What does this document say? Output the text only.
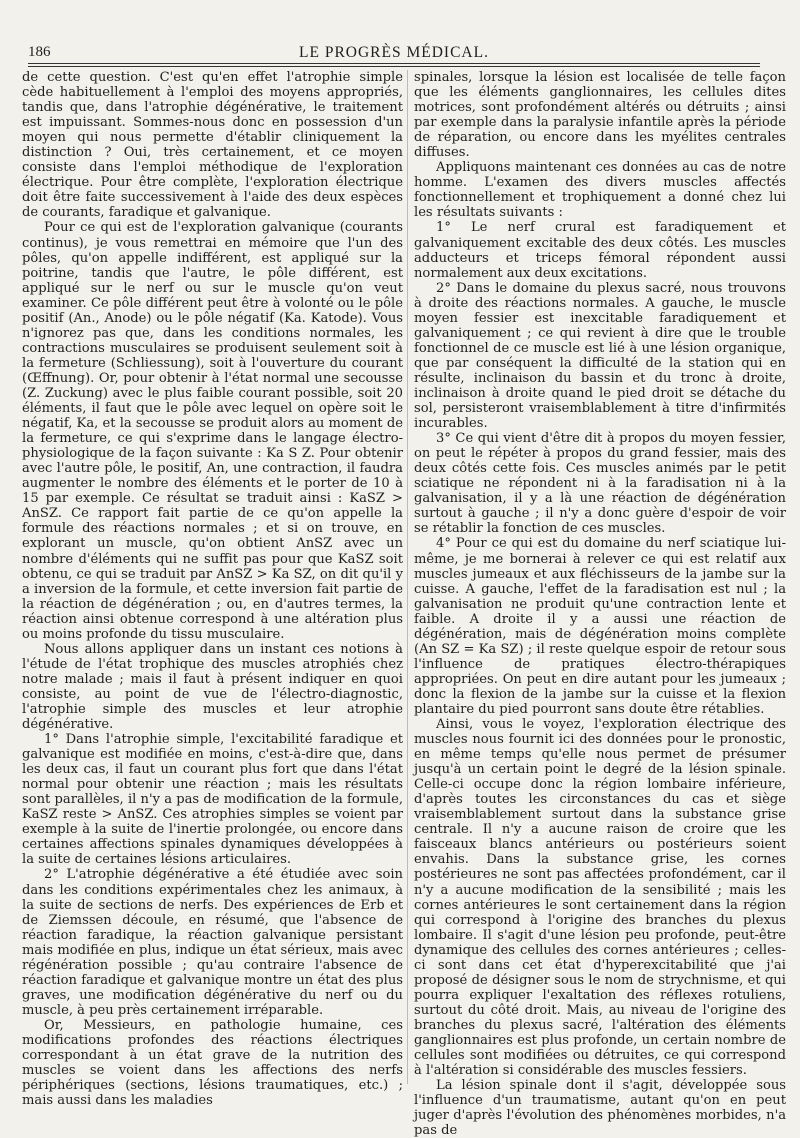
186	LE PROGRÈS MÉDICAL.

de cette question. C'est qu'en effet l'atrophie simple cède habituellement à l'emploi des moyens appropriés, tandis que, dans l'atrophie dégénérative, le traitement est impuissant. Sommes-nous donc en possession d'un moyen qui nous permette d'établir cliniquement la distinction ? Oui, très certainement, et ce moyen consiste dans l'emploi méthodique de l'exploration électrique. Pour être complète, l'exploration électrique doit être faite successivement à l'aide des deux espèces de courants, faradique et galvanique.

Pour ce qui est de l'exploration galvanique (courants continus), je vous remettrai en mémoire que l'un des pôles, qu'on appelle indifférent, est appliqué sur la poitrine, tandis que l'autre, le pôle différent, est appliqué sur le nerf ou sur le muscle qu'on veut examiner. Ce pôle différent peut être à volonté ou le pôle positif (An., Anode) ou le pôle négatif (Ka. Katode). Vous n'ignorez pas que, dans les conditions normales, les contractions musculaires se produisent seulement soit à la fermeture (Schliessung), soit à l'ouverture du courant (Œffnung). Or, pour obtenir à l'état normal une secousse (Z. Zuckung) avec le plus faible courant possible, soit 20 éléments, il faut que le pôle avec lequel on opère soit le négatif, Ka, et la secousse se produit alors au moment de la fermeture, ce qui s'exprime dans le langage électro-physiologique de la façon suivante : Ka S Z. Pour obtenir avec l'autre pôle, le positif, An, une contraction, il faudra augmenter le nombre des éléments et le porter de 10 à 15 par exemple. Ce résultat se traduit ainsi : KaSZ > AnSZ. Ce rapport fait partie de ce qu'on appelle la formule des réactions normales ; et si on trouve, en explorant un muscle, qu'on obtient AnSZ avec un nombre d'éléments qui ne suffit pas pour que KaSZ soit obtenu, ce qui se traduit par AnSZ > Ka SZ, on dit qu'il y a inversion de la formule, et cette inversion fait partie de la réaction de dégénération ; ou, en d'autres termes, la réaction ainsi obtenue correspond à une altération plus ou moins profonde du tissu musculaire.

Nous allons appliquer dans un instant ces notions à l'étude de l'état trophique des muscles atrophiés chez notre malade ; mais il faut à présent indiquer en quoi consiste, au point de vue de l'électro-diagnostic, l'atrophie simple des muscles et leur atrophie dégénérative.

1° Dans l'atrophie simple, l'excitabilité faradique et galvanique est modifiée en moins, c'est-à-dire que, dans les deux cas, il faut un courant plus fort que dans l'état normal pour obtenir une réaction ; mais les résultats sont parallèles, il n'y a pas de modification de la formule, KaSZ reste > AnSZ. Ces atrophies simples se voient par exemple à la suite de l'inertie prolongée, ou encore dans certaines affections spinales dynamiques développées à la suite de certaines lésions articulaires.

2° L'atrophie dégénérative a été étudiée avec soin dans les conditions expérimentales chez les animaux, à la suite de sections de nerfs. Des expériences de Erb et de Ziemssen découle, en résumé, que l'absence de réaction faradique, la réaction galvanique persistant mais modifiée en plus, indique un état sérieux, mais avec régénération possible ; qu'au contraire l'absence de réaction faradique et galvanique montre un état des plus graves, une modification dégénérative du nerf ou du muscle, à peu près certainement irréparable.

Or, Messieurs, en pathologie humaine, ces modifications profondes des réactions électriques correspondant à un état grave de la nutrition des muscles se voient dans les affections des nerfs périphériques (sections, lésions traumatiques, etc.) ; mais aussi dans les maladies

spinales, lorsque la lésion est localisée de telle façon que les éléments ganglionnaires, les cellules dites motrices, sont profondément altérés ou détruits ; ainsi par exemple dans la paralysie infantile après la période de réparation, ou encore dans les myélites centrales diffuses.

Appliquons maintenant ces données au cas de notre homme. L'examen des divers muscles affectés fonctionnellement et trophiquement a donné chez lui les résultats suivants :

1° Le nerf crural est faradiquement et galvaniquement excitable des deux côtés. Les muscles adducteurs et triceps fémoral répondent aussi normalement aux deux excitations.

2° Dans le domaine du plexus sacré, nous trouvons à droite des réactions normales. A gauche, le muscle moyen fessier est inexcitable faradiquement et galvaniquement ; ce qui revient à dire que le trouble fonctionnel de ce muscle est lié à une lésion organique, que par conséquent la difficulté de la station qui en résulte, inclinaison du bassin et du tronc à droite, inclinaison à droite quand le pied droit se détache du sol, persisteront vraisemblablement à titre d'infirmités incurables.

3° Ce qui vient d'être dit à propos du moyen fessier, on peut le répéter à propos du grand fessier, mais des deux côtés cette fois. Ces muscles animés par le petit sciatique ne répondent ni à la faradisation ni à la galvanisation, il y a là une réaction de dégénération surtout à gauche ; il n'y a donc guère d'espoir de voir se rétablir la fonction de ces muscles.

4° Pour ce qui est du domaine du nerf sciatique lui-même, je me bornerai à relever ce qui est relatif aux muscles jumeaux et aux fléchisseurs de la jambe sur la cuisse. A gauche, l'effet de la faradisation est nul ; la galvanisation ne produit qu'une contraction lente et faible. A droite il y a aussi une réaction de dégénération, mais de dégénération moins complète (An SZ = Ka SZ) ; il reste quelque espoir de retour sous l'influence de pratiques électro-thérapiques appropriées. On peut en dire autant pour les jumeaux ; donc la flexion de la jambe sur la cuisse et la flexion plantaire du pied pourront sans doute être rétablies.

Ainsi, vous le voyez, l'exploration électrique des muscles nous fournit ici des données pour le pronostic, en même temps qu'elle nous permet de présumer jusqu'à un certain point le degré de la lésion spinale. Celle-ci occupe donc la région lombaire inférieure, d'après toutes les circonstances du cas et siège vraisemblablement surtout dans la substance grise centrale. Il n'y a aucune raison de croire que les faisceaux blancs antérieurs ou postérieurs soient envahis. Dans la substance grise, les cornes postérieures ne sont pas affectées profondément, car il n'y a aucune modification de la sensibilité ; mais les cornes antérieures le sont certainement dans la région qui correspond à l'origine des branches du plexus lombaire. Il s'agit d'une lésion peu profonde, peut-être dynamique des cellules des cornes antérieures ; celles-ci sont dans cet état d'hyperexcitabilité que j'ai proposé de désigner sous le nom de strychnisme, et qui pourra expliquer l'exaltation des réflexes rotuliens, surtout du côté droit. Mais, au niveau de l'origine des branches du plexus sacré, l'altération des éléments ganglionnaires est plus profonde, un certain nombre de cellules sont modifiées ou détruites, ce qui correspond à l'altération si considérable des muscles fessiers.

La lésion spinale dont il s'agit, développée sous l'influence d'un traumatisme, autant qu'on en peut juger d'après l'évolution des phénomènes morbides, n'a pas de
